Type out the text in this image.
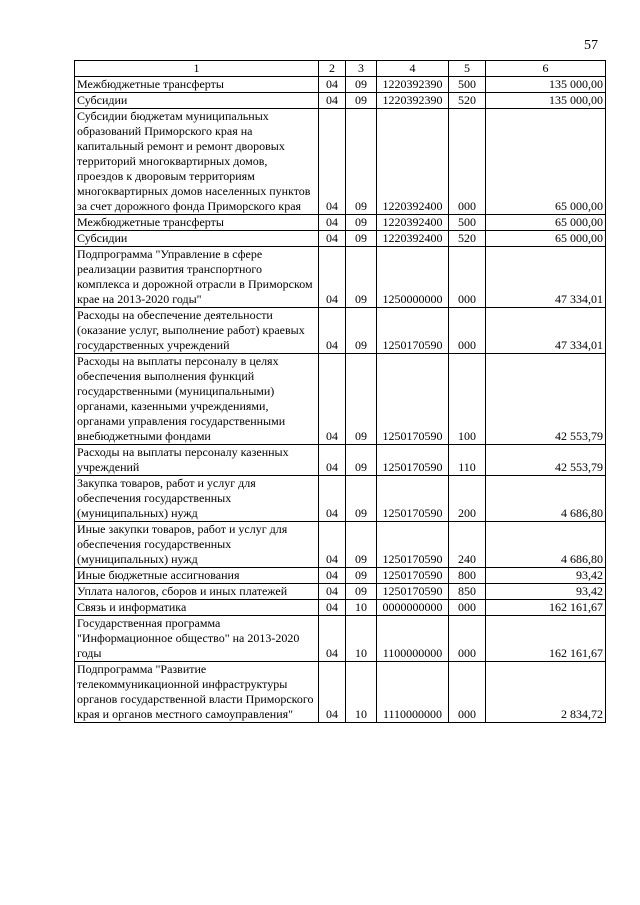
57
1	2	3	4	5	6
Межбюджетные трансферты	04	09	1220392390	500	135 000,00
Субсидии	04	09	1220392390	520	135 000,00
Субсидии бюджетам муниципальных образований Приморского края на капитальный ремонт и ремонт дворовых территорий многоквартирных домов, проездов к дворовым территориям многоквартирных домов населенных пунктов за счет дорожного фонда Приморского края	04	09	1220392400	000	65 000,00
Межбюджетные трансферты	04	09	1220392400	500	65 000,00
Субсидии	04	09	1220392400	520	65 000,00
Подпрограмма "Управление в сфере реализации развития транспортного комплекса и дорожной отрасли в Приморском крае на 2013-2020 годы"	04	09	1250000000	000	47 334,01
Расходы на обеспечение деятельности (оказание услуг, выполнение работ) краевых государственных учреждений	04	09	1250170590	000	47 334,01
Расходы на выплаты персоналу в целях обеспечения выполнения функций государственными (муниципальными) органами, казенными учреждениями, органами управления государственными внебюджетными фондами	04	09	1250170590	100	42 553,79
Расходы на выплаты персоналу казенных учреждений	04	09	1250170590	110	42 553,79
Закупка товаров, работ и услуг для обеспечения государственных (муниципальных) нужд	04	09	1250170590	200	4 686,80
Иные закупки товаров, работ и услуг для обеспечения государственных (муниципальных) нужд	04	09	1250170590	240	4 686,80
Иные бюджетные ассигнования	04	09	1250170590	800	93,42
Уплата налогов, сборов и иных платежей	04	09	1250170590	850	93,42
Связь и информатика	04	10	0000000000	000	162 161,67
Государственная программа "Информационное общество" на 2013-2020 годы	04	10	1100000000	000	162 161,67
Подпрограмма "Развитие телекоммуникационной инфраструктуры органов государственной власти Приморского края и органов местного самоуправления"	04	10	1110000000	000	2 834,72
